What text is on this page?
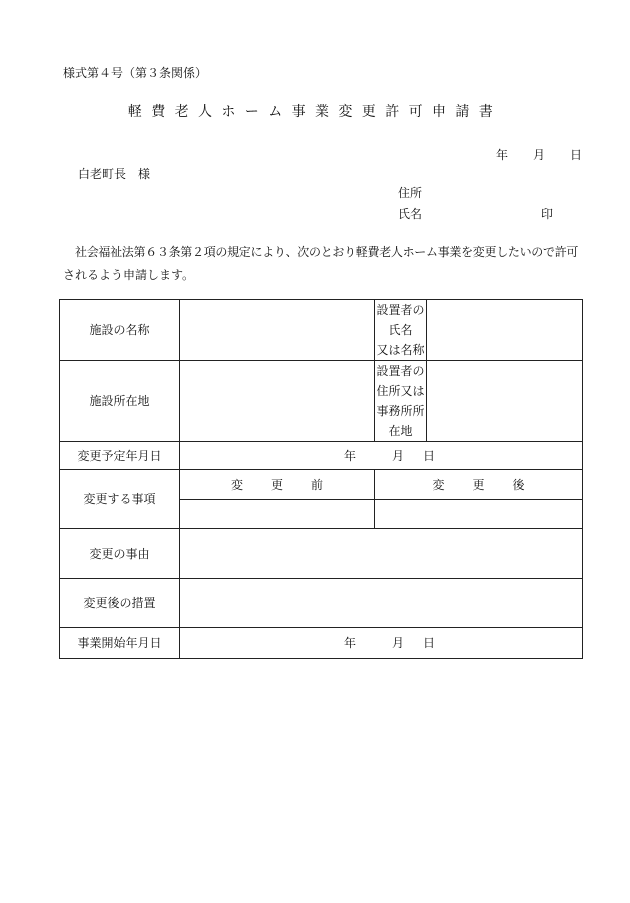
様式第４号（第３条関係）
軽費老人ホーム事業変更許可申請書
年 月 日
白老町長　様
住所
氏名	印

社会福祉法第６３条第２項の規定により、次のとおり軽費老人ホーム事業を変更したいので許可

されるよう申請します。

施設の名称		設置者の氏名
又は名称	

施設所在地		設置者の住所又は
事務所所在地	

変更予定年月日	年 月 日		
変更する事項	変 更 前	変 更 後	

変更の事由			
変更後の措置			
事業開始年月日	年 月 日		
